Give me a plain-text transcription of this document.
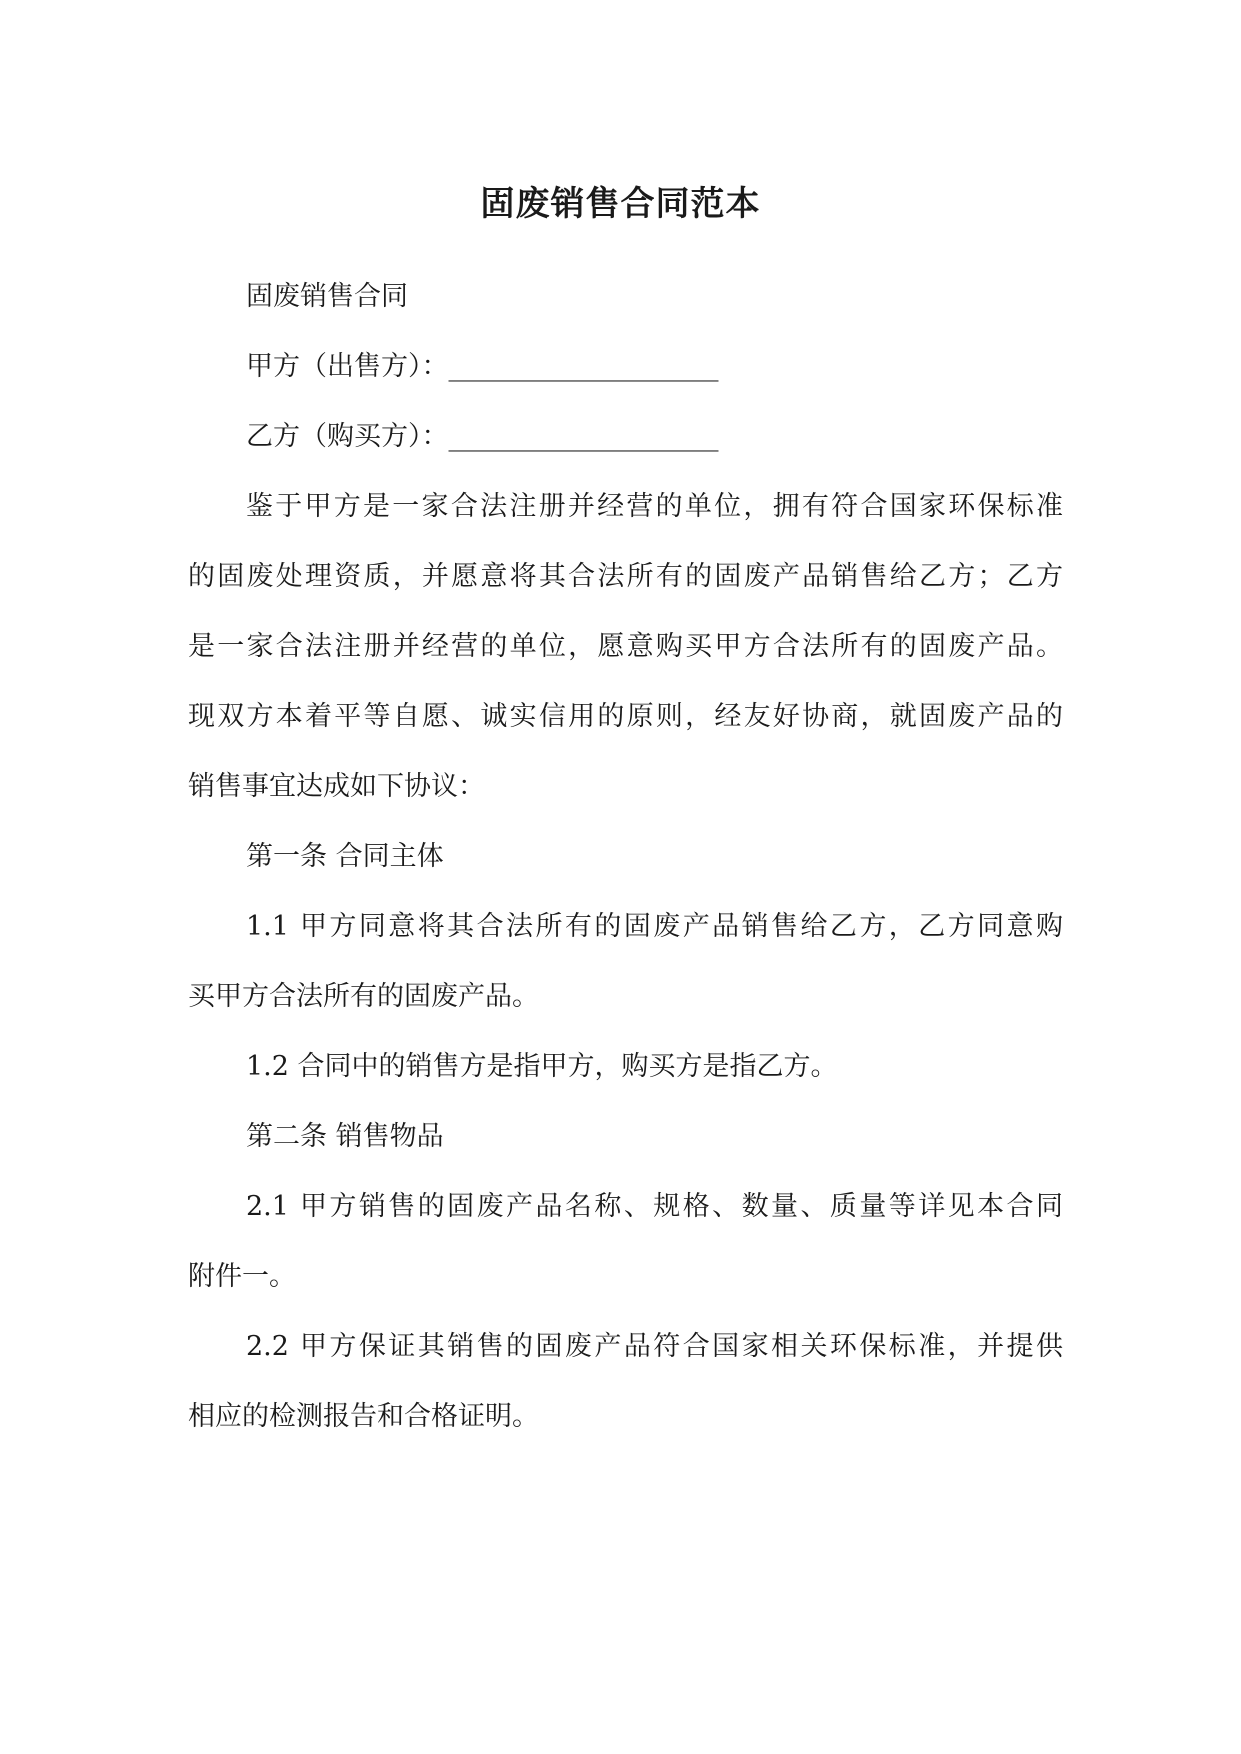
固废销售合同范本
固废销售合同
甲方（出售方）：____________________
乙方（购买方）：____________________
鉴于甲方是一家合法注册并经营的单位，拥有符合国家环保标准
的固废处理资质，并愿意将其合法所有的固废产品销售给乙方；乙方
是一家合法注册并经营的单位，愿意购买甲方合法所有的固废产品。
现双方本着平等自愿、诚实信用的原则，经友好协商，就固废产品的
销售事宜达成如下协议：
第一条 合同主体
1.1 甲方同意将其合法所有的固废产品销售给乙方，乙方同意购
买甲方合法所有的固废产品。
1.2 合同中的销售方是指甲方，购买方是指乙方。
第二条 销售物品
2.1 甲方销售的固废产品名称、规格、数量、质量等详见本合同
附件一。
2.2 甲方保证其销售的固废产品符合国家相关环保标准，并提供
相应的检测报告和合格证明。
